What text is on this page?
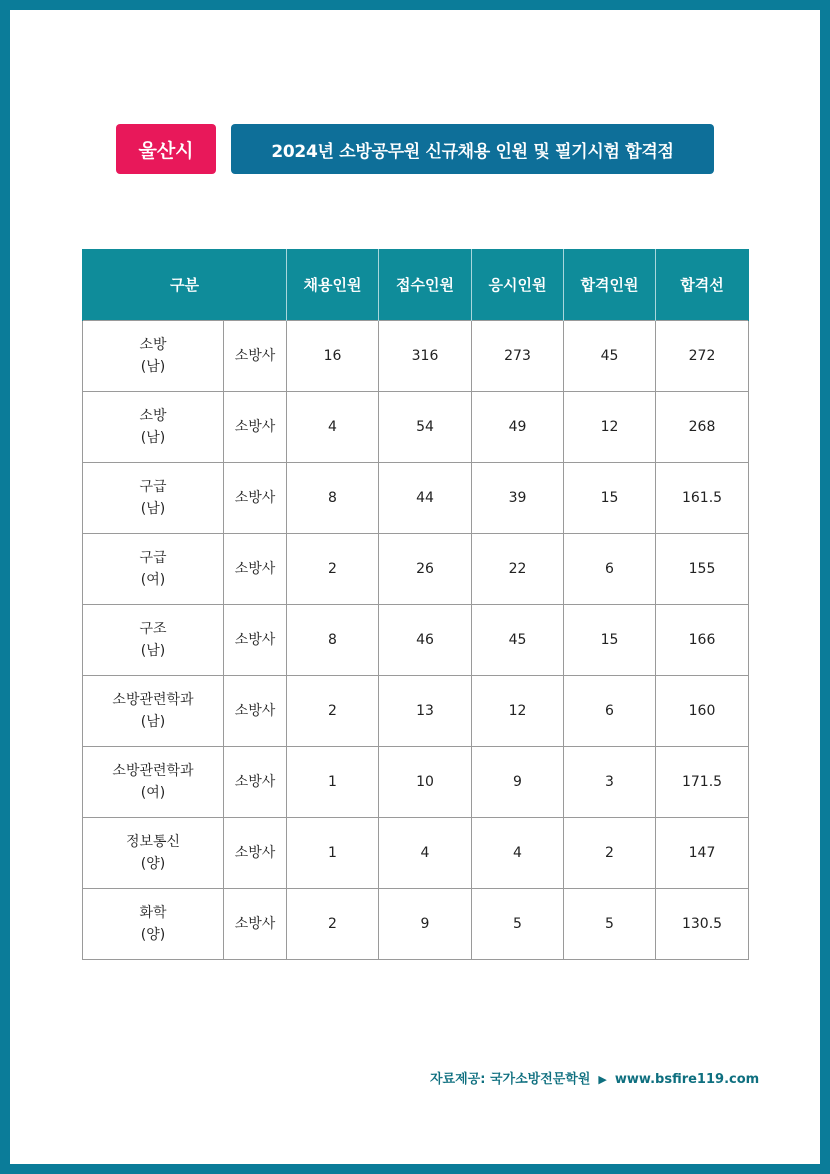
울산시	2024년 소방공무원 신규채용 인원 및 필기시험 합격점
구분		채용인원	접수인원	응시인원	합격인원	합격선
소방
(남)	소방사	16	316	273	45	272
소방
(남)	소방사	4	54	49	12	268
구급
(남)	소방사	8	44	39	15	161.5
구급
(여)	소방사	2	26	22	6	155
구조
(남)	소방사	8	46	45	15	166
소방관련학과
(남)	소방사	2	13	12	6	160
소방관련학과
(여)	소방사	1	10	9	3	171.5
정보통신
(양)	소방사	1	4	4	2	147
화학
(양)	소방사	2	9	5	5	130.5
자료제공: 국가소방전문학원 ▶ www.bsfire119.com
